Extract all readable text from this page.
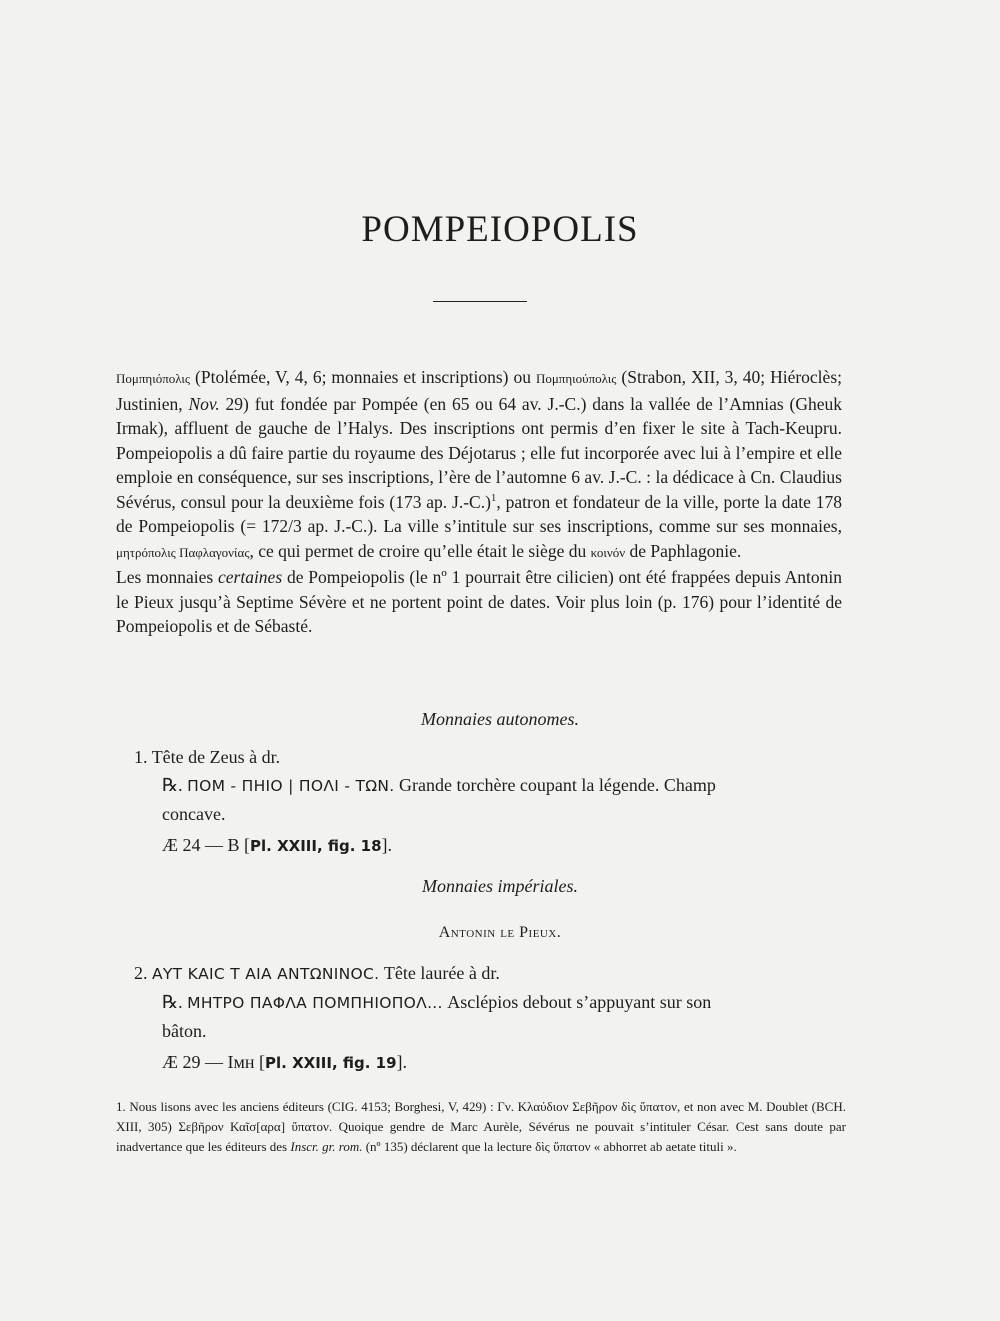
POMPEIOPOLIS

Πομπηιόπολις (Ptolémée, V, 4, 6; monnaies et inscriptions) ou Πομπηιούπολις (Strabon, XII, 3, 40; Hiéroclès; Justinien, Nov. 29) fut fondée par Pompée (en 65 ou 64 av. J.-C.) dans la vallée de l’Amnias (Gheuk Irmak), affluent de gauche de l’Halys. Des inscriptions ont permis d’en fixer le site à Tach-Keupru. Pompeiopolis a dû faire partie du royaume des Déjotarus ; elle fut incorporée avec lui à l’empire et elle emploie en conséquence, sur ses inscriptions, l’ère de l’automne 6 av. J.-C. : la dédicace à Cn. Claudius Sévérus, consul pour la deuxième fois (173 ap. J.-C.)$^1$, patron et fondateur de la ville, porte la date 178 de Pompeiopolis (= 172/3 ap. J.-C.). La ville s’intitule sur ses inscriptions, comme sur ses monnaies, μητρόπολις Παφλαγονίας, ce qui permet de croire qu’elle était le siège du κοινόν de Paphlagonie.

Les monnaies certaines de Pompeiopolis (le nº 1 pourrait être cilicien) ont été frappées depuis Antonin le Pieux jusqu’à Septime Sévère et ne portent point de dates. Voir plus loin (p. 176) pour l’identité de Pompeiopolis et de Sébasté.

Monnaies autonomes.
1. Tête de Zeus à dr.
℞. ΠΟΜ - ΠΗΙΟ | ΠΟΛΙ - ΤΩΝ. Grande torchère coupant la légende. Champ
concave.
Æ 24 — B [Pl. XXIII, fig. 18].
Monnaies impériales.
Antonin le Pieux.
2. ΑΥΤ ΚΑΙϹ Τ ΑΙΑ ΑΝΤΩΝΙΝΟϹ. Tête laurée à dr.
℞. ΜΗΤΡΟ ΠΑΦΛΑ ΠΟΜΠΗΙΟΠΟΛ... Asclépios debout s’appuyant sur son
bâton.
Æ 29 — Iмн [Pl. XXIII, fig. 19].
1. Nous lisons avec les anciens éditeurs (CIG. 4153; Borghesi, V, 429) : Γν. Κλαύδιον Σεβῆρον δὶς ὕπατον, et non avec M. Doublet (BCH. XIII, 305) Σεβῆρον Καῖσ[αρα] ὕπατον. Quoique gendre de Marc Aurèle, Sévérus ne pouvait s’intituler César. Cest sans doute par inadvertance que les éditeurs des Inscr. gr. rom. (nº 135) déclarent que la lecture δὶς ὕπατον « abhorret ab aetate tituli ».
